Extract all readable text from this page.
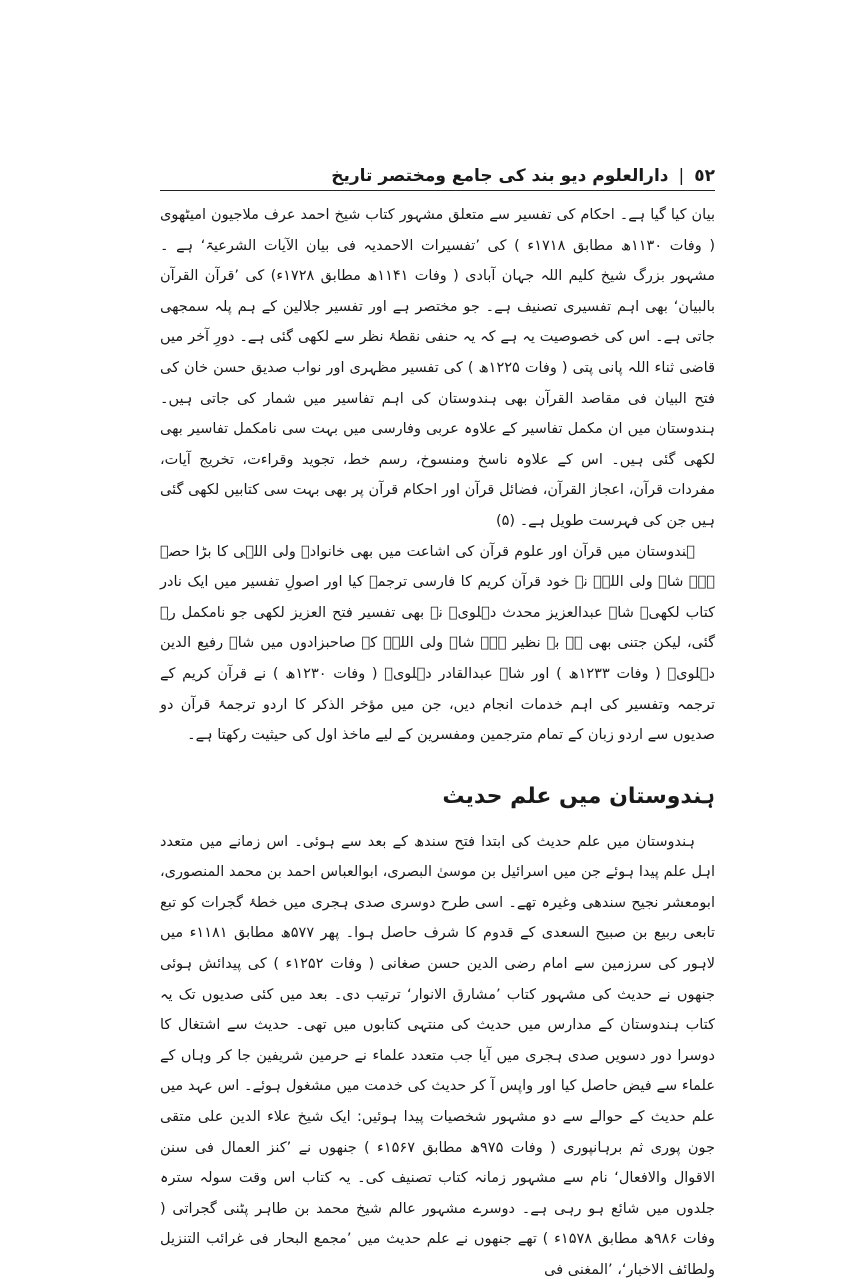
٥٢
|
دارالعلوم دیو بند کی جامع ومختصر تاریخ

بیان کیا گیا ہے۔ احکام کی تفسیر سے متعلق مشہور کتاب شیخ احمد عرف ملاجیون امیٹھوی ( وفات ۱۱۳۰ھ مطابق ۱۷۱۸ء ) کی ’تفسیرات الاحمدیہ فی بیان الآیات الشرعیۃ‘ ہے ۔مشہور بزرگ شیخ کلیم اللہ جہان آبادی ( وفات ۱۱۴۱ھ مطابق ۱۷۲۸ء) کی ’قرآن القرآن بالبیان‘ بھی اہم تفسیری تصنیف ہے۔ جو مختصر ہے اور تفسیر جلالین کے ہم پلہ سمجھی جاتی ہے۔ اس کی خصوصیت یہ ہے کہ یہ حنفی نقطۂ نظر سے لکھی گئی ہے۔ دورِ آخر میں قاضی ثناء اللہ پانی پتی ( وفات ۱۲۲۵ھ ) کی تفسیر مظہری اور نواب صدیق حسن خان کی فتح البیان فی مقاصد القرآن بھی ہندوستان کی اہم تفاسیر میں شمار کی جاتی ہیں۔ ہندوستان میں ان مکمل تفاسیر کے علاوہ عربی وفارسی میں بہت سی نامکمل تفاسیر بھی لکھی گئی ہیں۔ اس کے علاوہ ناسخ ومنسوخ، رسم خط، تجوید وقراءت، تخریج آیات، مفردات قرآن، اعجاز القرآن، فضائل قرآن اور احکام قرآن پر بھی بہت سی کتابیں لکھی گئی ہیں جن کی فہرست طویل ہے۔ (۵)

ہندوستان میں قرآن اور علوم قرآن کی اشاعت میں بھی خانوادۂ ولی اللہی کا بڑا حصہ ہے۔ شاہ ولی اللہؒ نے خود قرآن کریم کا فارسی ترجمہ کیا اور اصولِ تفسیر میں ایک نادر کتاب لکھی۔ شاہ عبدالعزیز محدث دہلویؒ نے بھی تفسیر فتح العزیز لکھی جو نامکمل رہ گئی، لیکن جتنی بھی ہے بے نظیر ہے۔ شاہ ولی اللہؒ کے صاحبزادوں میں شاہ رفیع الدین دہلویؒ ( وفات ۱۲۳۳ھ ) اور شاہ عبدالقادر دہلویؒ ( وفات ۱۲۳۰ھ ) نے قرآن کریم کے ترجمہ وتفسیر کی اہم خدمات انجام دیں، جن میں مؤخر الذکر کا اردو ترجمۂ قرآن دو صدیوں سے اردو زبان کے تمام مترجمین ومفسرین کے لیے ماخذ اول کی حیثیت رکھتا ہے۔

ہندوستان میں علم حدیث

ہندوستان میں علم حدیث کی ابتدا فتح سندھ کے بعد سے ہوئی۔ اس زمانے میں متعدد اہل علم پیدا ہوئے جن میں اسرائیل بن موسیٰ البصری، ابوالعباس احمد بن محمد المنصوری، ابومعشر نجیح سندھی وغیرہ تھے۔ اسی طرح دوسری صدی ہجری میں خطۂ گجرات کو تبع تابعی ربیع بن صبیح السعدی کے قدوم کا شرف حاصل ہوا۔ پھر ۵۷۷ھ مطابق ۱۱۸۱ء میں لاہور کی سرزمین سے امام رضی الدین حسن صغانی ( وفات ۱۲۵۲ء ) کی پیدائش ہوئی جنھوں نے حدیث کی مشہور کتاب ’مشارق الانوار‘ ترتیب دی۔ بعد میں کئی صدیوں تک یہ کتاب ہندوستان کے مدارس میں حدیث کی منتہی کتابوں میں تھی۔ حدیث سے اشتغال کا دوسرا دور دسویں صدی ہجری میں آیا جب متعدد علماء نے حرمین شریفین جا کر وہاں کے علماء سے فیض حاصل کیا اور واپس آ کر حدیث کی خدمت میں مشغول ہوئے۔ اس عہد میں علم حدیث کے حوالے سے دو مشہور شخصیات پیدا ہوئیں: ایک شیخ علاء الدین علی متقی جون پوری ثم برہانپوری ( وفات ۹۷۵ھ مطابق ۱۵۶۷ء ) جنھوں نے ’کنز العمال فی سنن الاقوال والافعال‘ نام سے مشہور زمانہ کتاب تصنیف کی۔ یہ کتاب اس وقت سولہ سترہ جلدوں میں شائع ہو رہی ہے۔ دوسرے مشہور عالم شیخ محمد بن طاہر پٹنی گجراتی ( وفات ۹۸۶ھ مطابق ۱۵۷۸ء ) تھے جنھوں نے علم حدیث میں ’مجمع البحار فی غرائب التنزیل ولطائف الاخبار‘، ’المغنی فی
